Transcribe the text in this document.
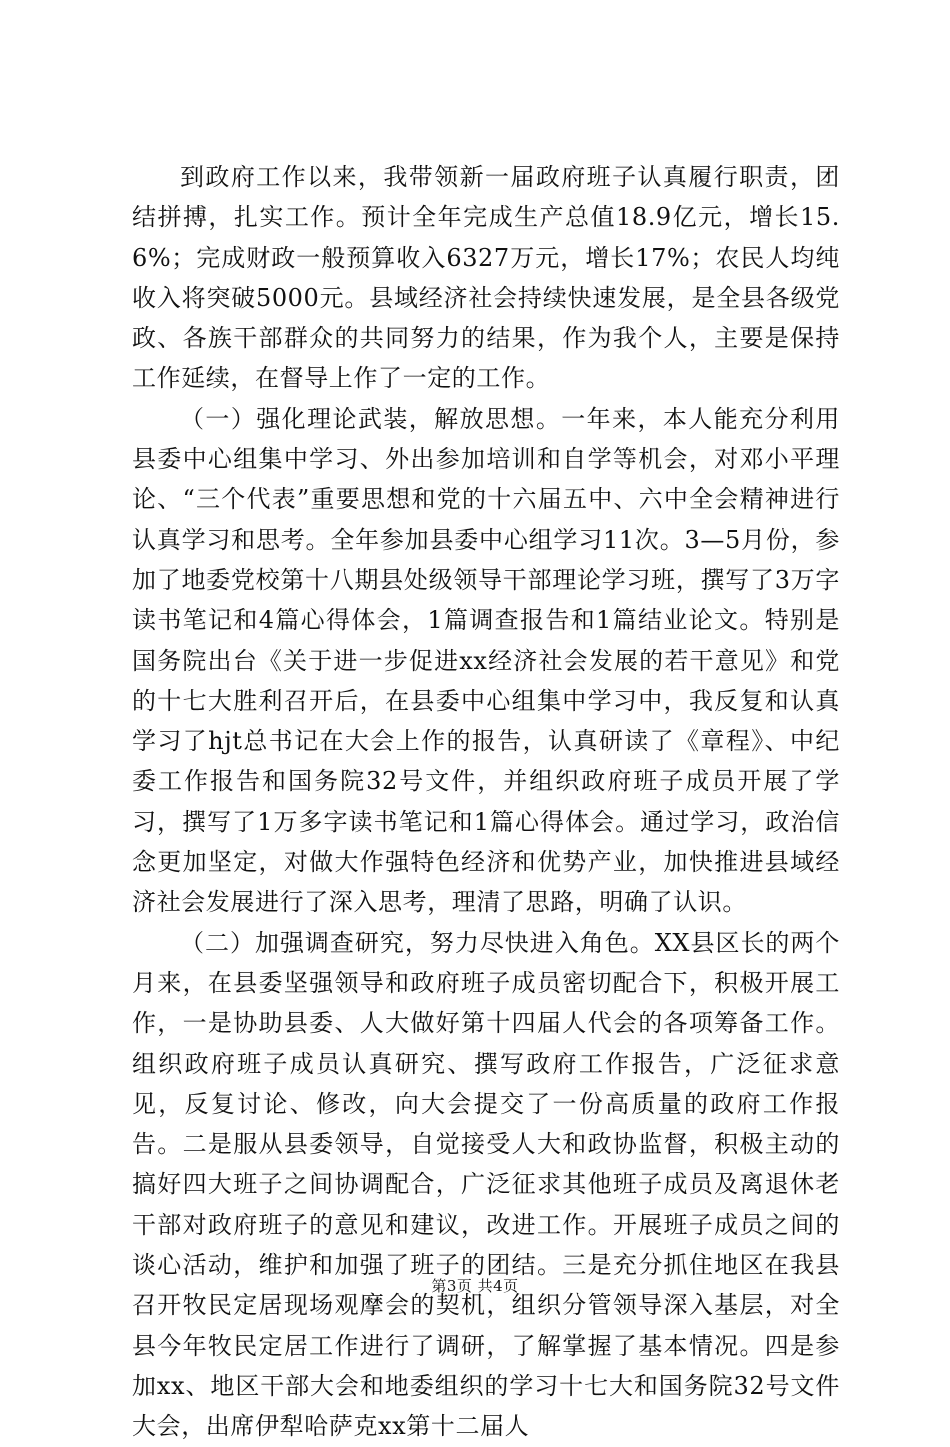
到政府工作以来，我带领新一届政府班子认真履行职责，团结拼搏，扎实工作。预计全年完成生产总值18.9亿元，增长15.6%；完成财政一般预算收入6327万元，增长17%；农民人均纯收入将突破5000元。县域经济社会持续快速发展，是全县各级党政、各族干部群众的共同努力的结果，作为我个人，主要是保持工作延续，在督导上作了一定的工作。

（一）强化理论武装，解放思想。一年来，本人能充分利用县委中心组集中学习、外出参加培训和自学等机会，对邓小平理论、“三个代表”重要思想和党的十六届五中、六中全会精神进行认真学习和思考。全年参加县委中心组学习11次。3—5月份，参加了地委党校第十八期县处级领导干部理论学习班，撰写了3万字读书笔记和4篇心得体会，1篇调查报告和1篇结业论文。特别是国务院出台《关于进一步促进xx经济社会发展的若干意见》和党的十七大胜利召开后，在县委中心组集中学习中，我反复和认真学习了hjt总书记在大会上作的报告，认真研读了《章程》、中纪委工作报告和国务院32号文件，并组织政府班子成员开展了学习，撰写了1万多字读书笔记和1篇心得体会。通过学习，政治信念更加坚定，对做大作强特色经济和优势产业，加快推进县域经济社会发展进行了深入思考，理清了思路，明确了认识。

（二）加强调查研究，努力尽快进入角色。XX县区长的两个月来，在县委坚强领导和政府班子成员密切配合下，积极开展工作，一是协助县委、人大做好第十四届人代会的各项筹备工作。组织政府班子成员认真研究、撰写政府工作报告，广泛征求意见，反复讨论、修改，向大会提交了一份高质量的政府工作报告。二是服从县委领导，自觉接受人大和政协监督，积极主动的搞好四大班子之间协调配合，广泛征求其他班子成员及离退休老干部对政府班子的意见和建议，改进工作。开展班子成员之间的谈心活动，维护和加强了班子的团结。三是充分抓住地区在我县召开牧民定居现场观摩会的契机，组织分管领导深入基层，对全县今年牧民定居工作进行了调研，了解掌握了基本情况。四是参加xx、地区干部大会和地委组织的学习十七大和国务院32号文件大会，出席伊犁哈萨克xx第十二届人

第3页 共4页
